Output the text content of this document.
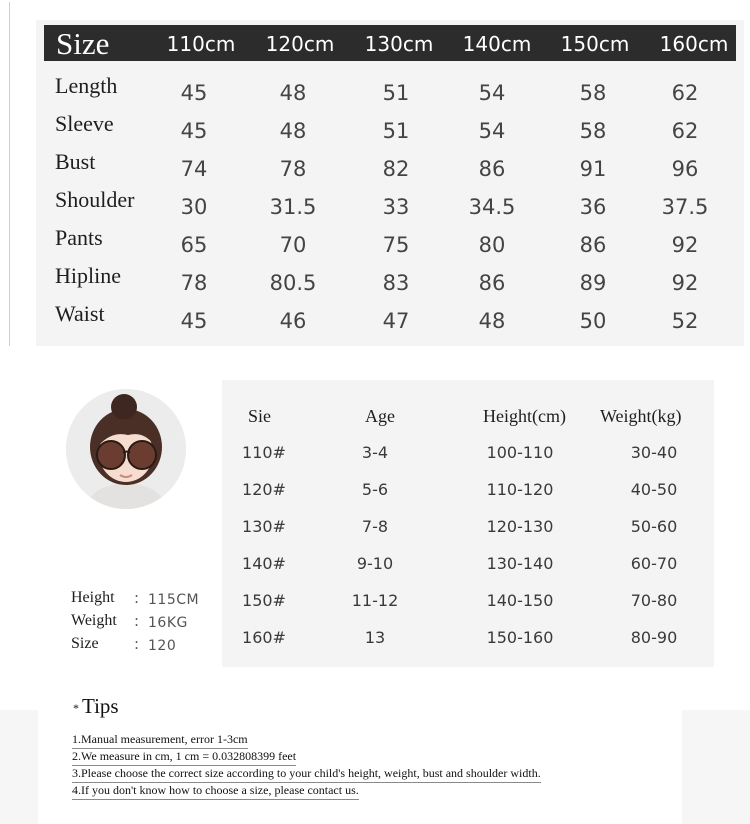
Size	110cm	120cm	130cm	140cm	150cm	160cm
Length	45	48	51	54	58	62
Sleeve	45	48	51	54	58	62
Bust	74	78	82	86	91	96
Shoulder	30	31.5	33	34.5	36	37.5
Pants	65	70	75	80	86	92
Hipline	78	80.5	83	86	89	92
Waist	45	46	47	48	50	52
Sie	Age	Height(cm) Weight(kg)
110#	3-4	100-110	30-40
120#	5-6	110-120	40-50
130#	7-8	120-130	50-60
140#	9-10	130-140	60-70
150#	11-12	140-150	70-80
160#	13	150-160	80-90
Height : 115CM
Weight : 16KG
Size : 120
* Tips
1.Manual measurement, error 1-3cm
2.We measure in cm, 1 cm = 0.032808399 feet
3.Please choose the correct size according to your child's height, weight, bust and shoulder width.
4.If you don't know how to choose a size, please contact us.
